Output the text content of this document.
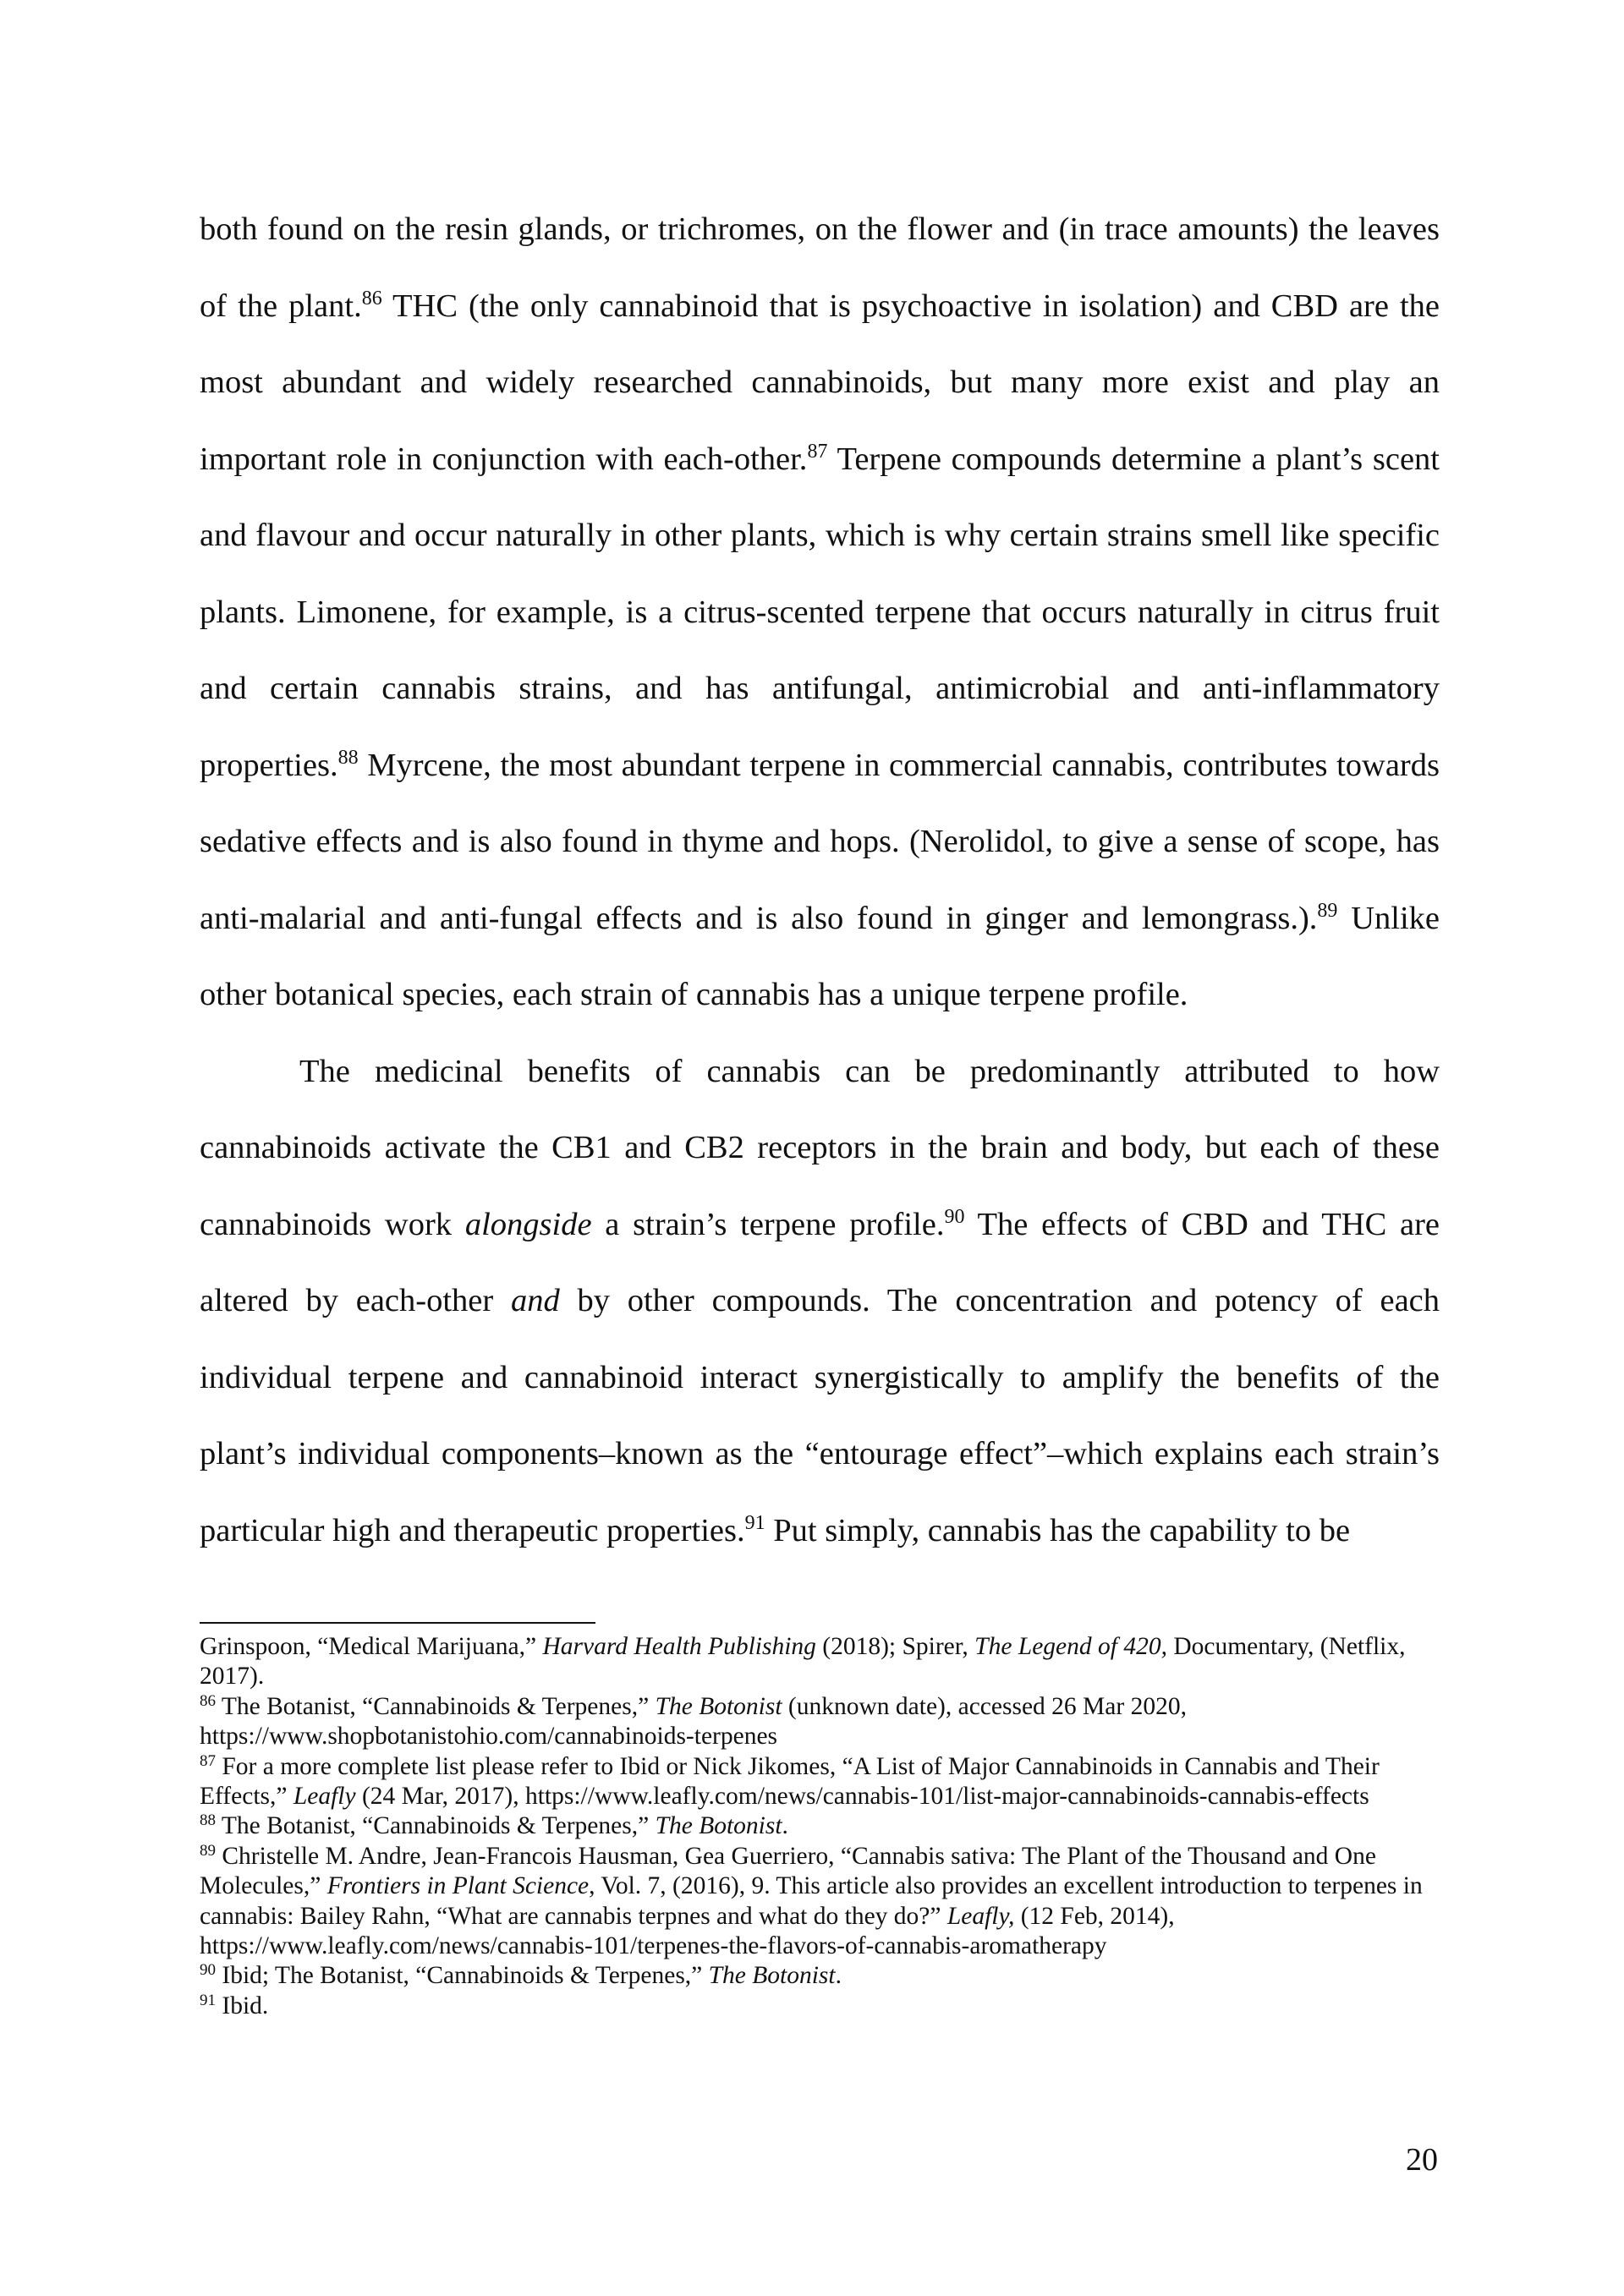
both found on the resin glands, or trichromes, on the flower and (in trace amounts) the leaves of the plant.$^{86}$ THC (the only cannabinoid that is psychoactive in isolation) and CBD are the most abundant and widely researched cannabinoids, but many more exist and play an important role in conjunction with each-other.$^{87}$ Terpene compounds determine a plant’s scent and flavour and occur naturally in other plants, which is why certain strains smell like specific plants. Limonene, for example, is a citrus-scented terpene that occurs naturally in citrus fruit and certain cannabis strains, and has antifungal, antimicrobial and anti-inflammatory properties.$^{88}$ Myrcene, the most abundant terpene in commercial cannabis, contributes towards sedative effects and is also found in thyme and hops. (Nerolidol, to give a sense of scope, has anti-malarial and anti-fungal effects and is also found in ginger and lemongrass.).$^{89}$ Unlike other botanical species, each strain of cannabis has a unique terpene profile.

The medicinal benefits of cannabis can be predominantly attributed to how cannabinoids activate the CB1 and CB2 receptors in the brain and body, but each of these cannabinoids work alongside a strain’s terpene profile.$^{90}$ The effects of CBD and THC are altered by each-other and by other compounds. The concentration and potency of each individual terpene and cannabinoid interact synergistically to amplify the benefits of the plant’s individual components–known as the “entourage effect”–which explains each strain’s particular high and therapeutic properties.$^{91}$ Put simply, cannabis has the capability to be

Grinspoon, “Medical Marijuana,” Harvard Health Publishing (2018); Spirer, The Legend of 420, Documentary, (Netflix, 2017).

$^{86}$ The Botanist, “Cannabinoids & Terpenes,” The Botonist (unknown date), accessed 26 Mar 2020, https://www.shopbotanistohio.com/cannabinoids-terpenes

$^{87}$ For a more complete list please refer to Ibid or Nick Jikomes, “A List of Major Cannabinoids in Cannabis and Their Effects,” Leafly (24 Mar, 2017), https://www.leafly.com/news/cannabis-101/list-major-cannabinoids-cannabis-effects

$^{88}$ The Botanist, “Cannabinoids & Terpenes,” The Botonist.

$^{89}$ Christelle M. Andre, Jean-Francois Hausman, Gea Guerriero, “Cannabis sativa: The Plant of the Thousand and One Molecules,” Frontiers in Plant Science, Vol. 7, (2016), 9. This article also provides an excellent introduction to terpenes in cannabis: Bailey Rahn, “What are cannabis terpnes and what do they do?” Leafly, (12 Feb, 2014), https://www.leafly.com/news/cannabis-101/terpenes-the-flavors-of-cannabis-aromatherapy

$^{90}$ Ibid; The Botanist, “Cannabinoids & Terpenes,” The Botonist.

$^{91}$ Ibid.

20
